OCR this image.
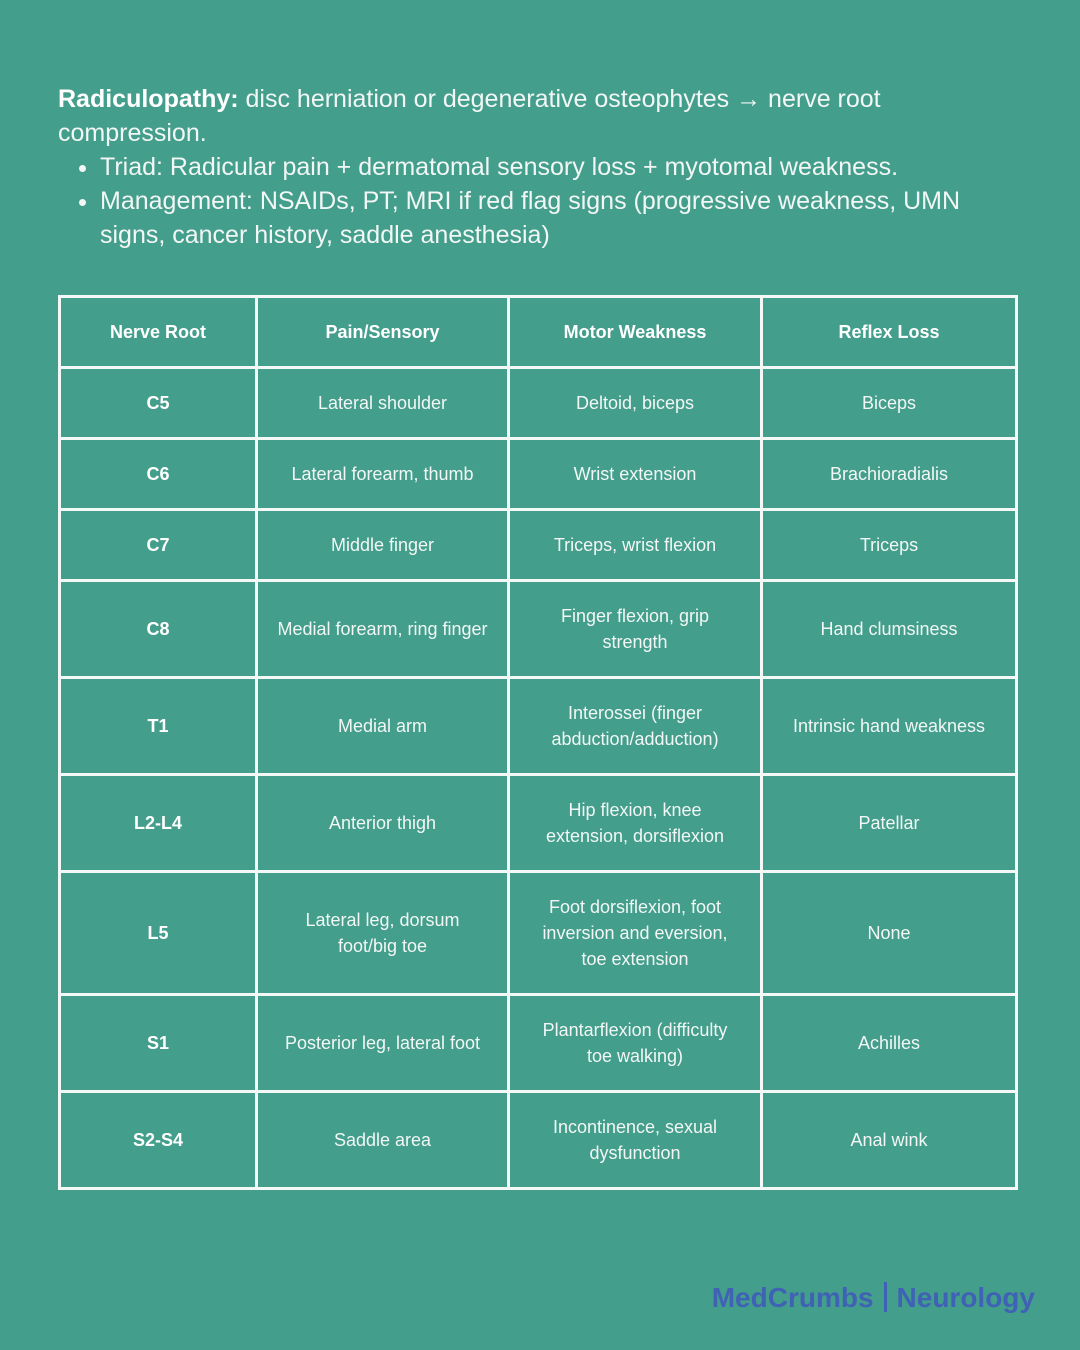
Radiculopathy: disc herniation or degenerative osteophytes → nerve root compression.

• Triad: Radicular pain + dermatomal sensory loss + myotomal weakness.
• Management: NSAIDs, PT; MRI if red flag signs (progressive weakness, UMN signs, cancer history, saddle anesthesia)
Nerve Root	Pain/Sensory	Motor Weakness	Reflex Loss
C5	Lateral shoulder	Deltoid, biceps	Biceps
C6	Lateral forearm, thumb	Wrist extension	Brachioradialis
C7	Middle finger	Triceps, wrist flexion	Triceps
C8	Medial forearm, ring finger	Finger flexion, grip strength	Hand clumsiness
T1	Medial arm	Interossei (finger abduction/adduction)	Intrinsic hand weakness
L2-L4	Anterior thigh	Hip flexion, knee extension, dorsiflexion	Patellar
L5	Lateral leg, dorsum foot/big toe	Foot dorsiflexion, foot inversion and eversion, toe extension	None
S1	Posterior leg, lateral foot	Plantarflexion (difficulty toe walking)	Achilles
S2-S4	Saddle area	Incontinence, sexual dysfunction	Anal wink
MedCrumbs Neurology
